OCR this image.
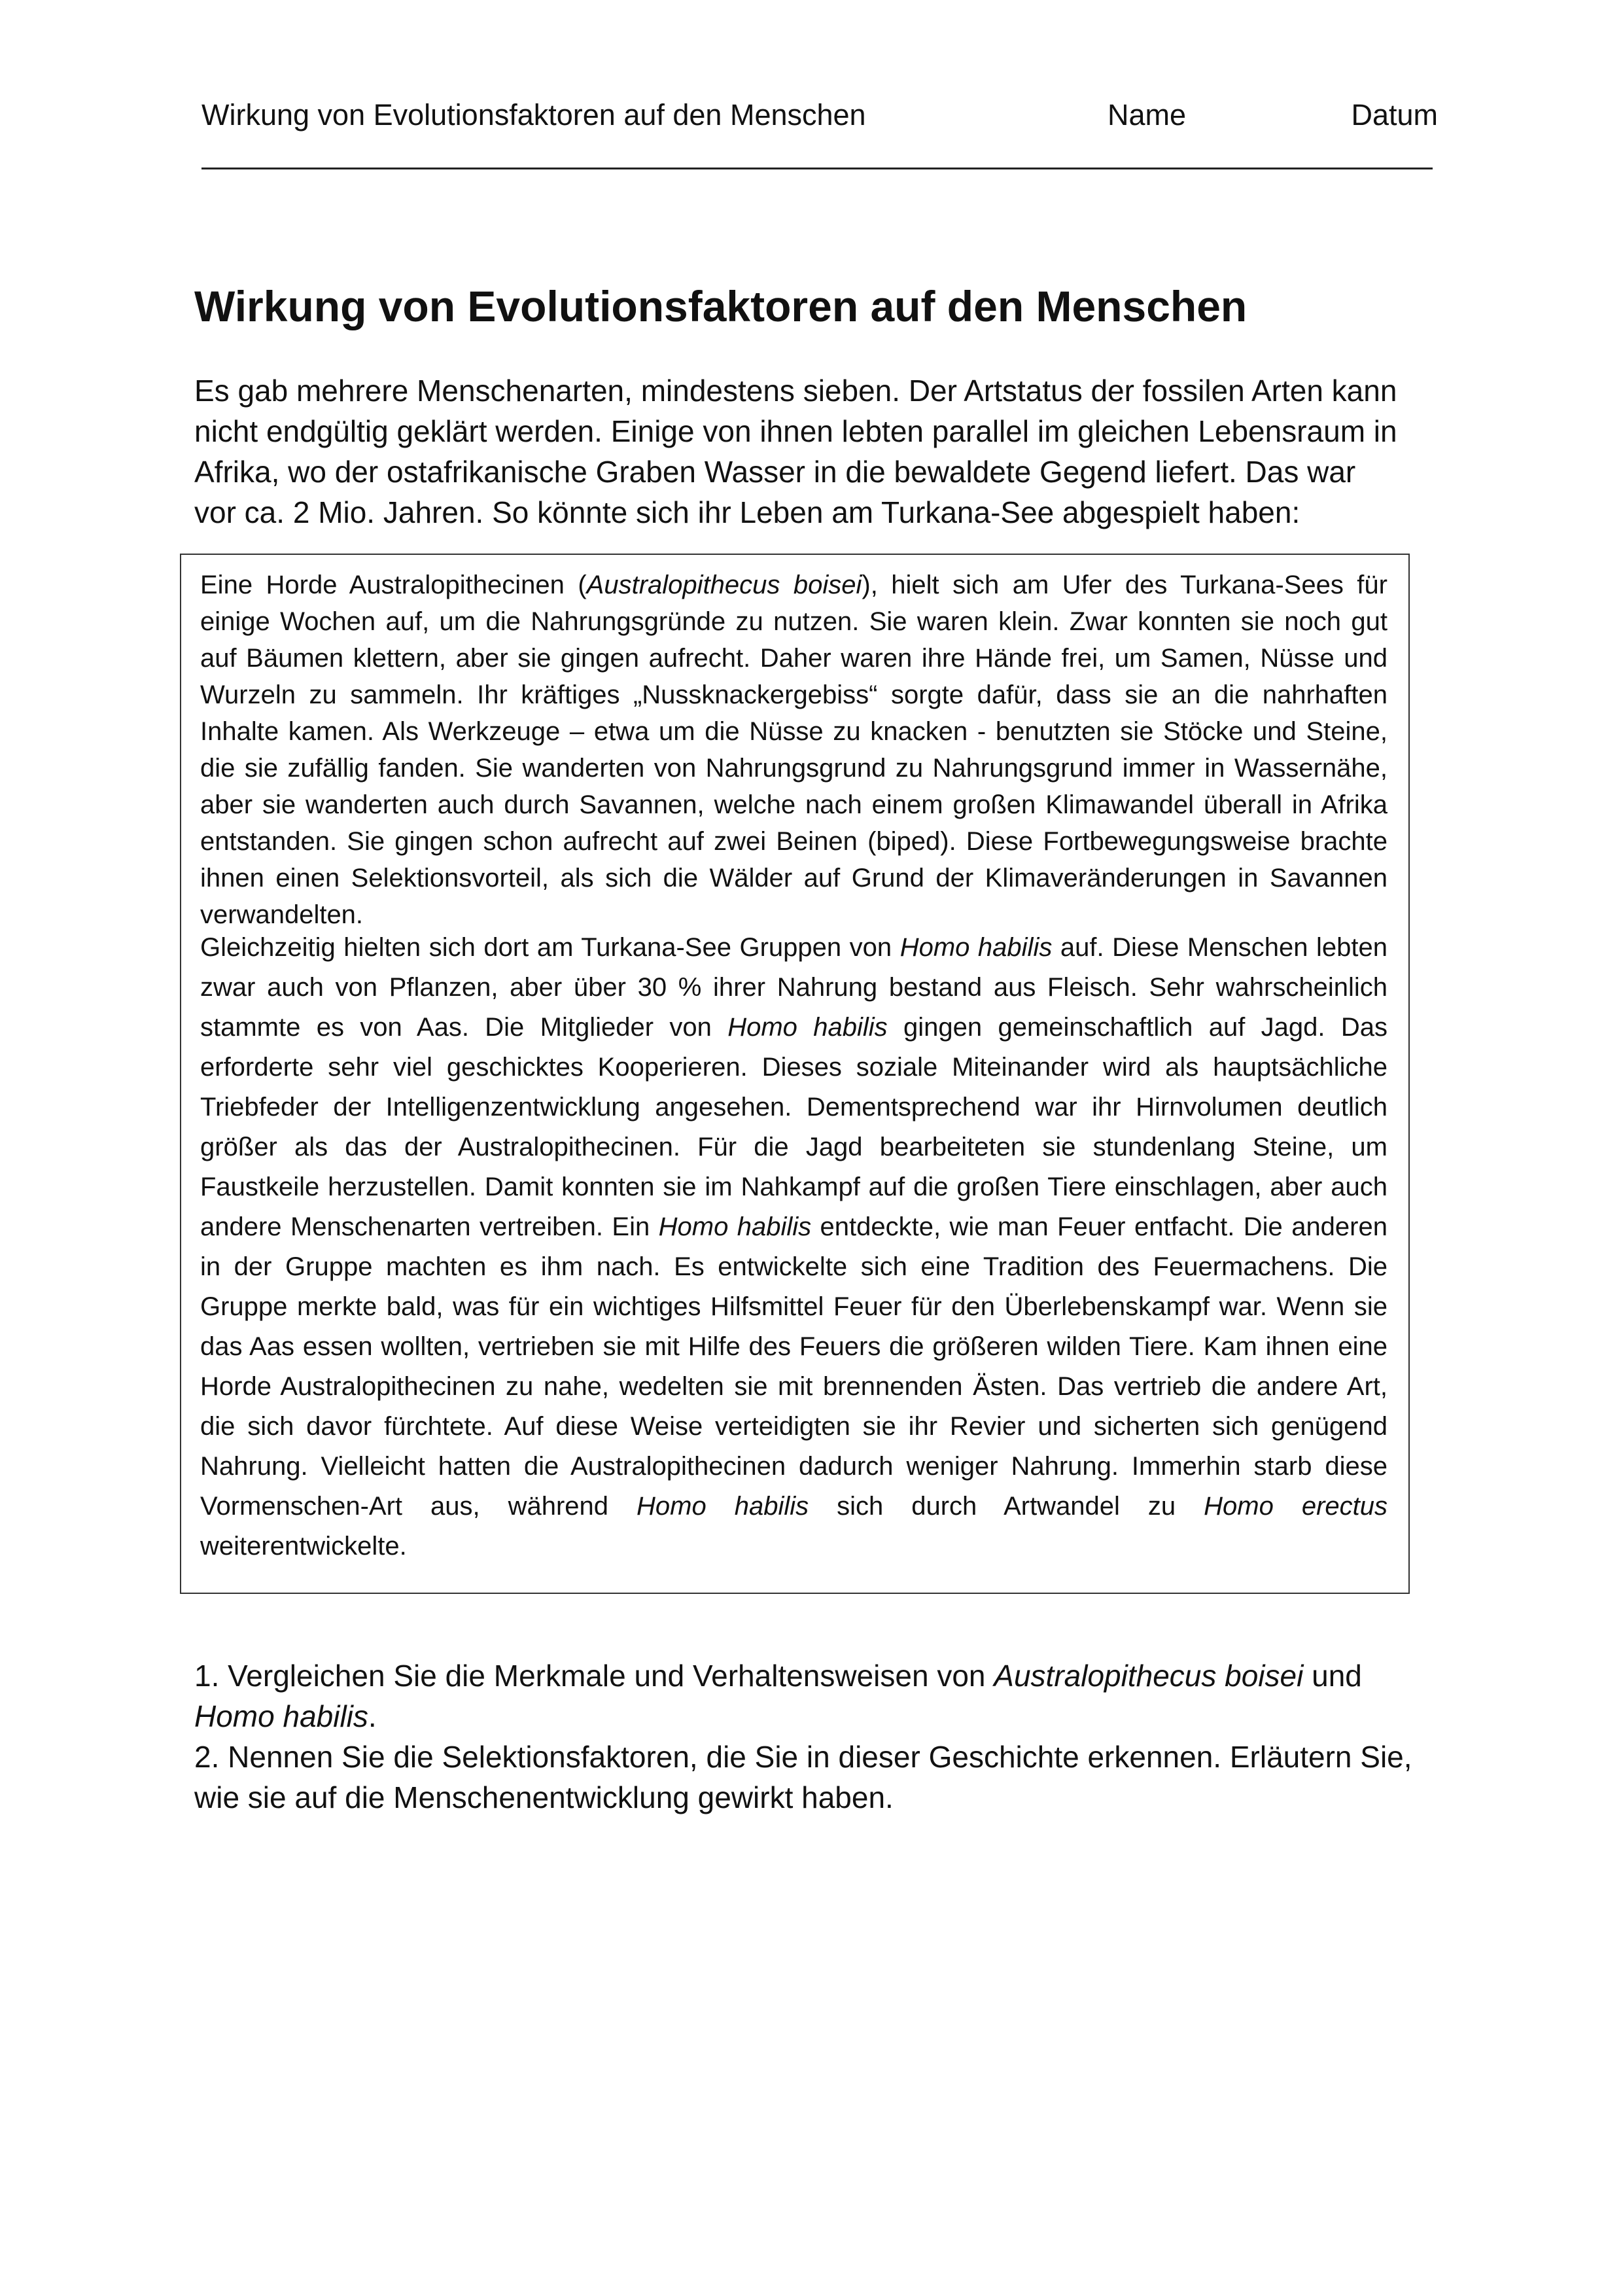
Wirkung von Evolutionsfaktoren auf den Menschen	Name	Datum
Wirkung von Evolutionsfaktoren auf den Menschen

Es gab mehrere Menschenarten, mindestens sieben. Der Artstatus der fossilen Arten kann nicht endgültig geklärt werden. Einige von ihnen lebten parallel im gleichen Lebensraum in Afrika, wo der ostafrikanische Graben Wasser in die bewaldete Gegend liefert. Das war vor ca. 2 Mio. Jahren. So könnte sich ihr Leben am Turkana-See abgespielt haben:

Eine Horde Australopithecinen (Australopithecus boisei), hielt sich am Ufer des Turkana-Sees für einige Wochen auf, um die Nahrungsgründe zu nutzen. Sie waren klein. Zwar konnten sie noch gut auf Bäumen klettern, aber sie gingen aufrecht. Daher waren ihre Hände frei, um Samen, Nüsse und Wurzeln zu sammeln. Ihr kräftiges „Nussknackergebiss“ sorgte dafür, dass sie an die nahrhaften Inhalte kamen. Als Werkzeuge – etwa um die Nüsse zu knacken - benutzten sie Stöcke und Steine, die sie zufällig fanden. Sie wanderten von Nahrungsgrund zu Nahrungsgrund immer in Wassernähe, aber sie wanderten auch durch Savannen, welche nach einem großen Klimawandel überall in Afrika entstanden. Sie gingen schon aufrecht auf zwei Beinen (biped). Diese Fortbewegungsweise brachte ihnen einen Selektionsvorteil, als sich die Wälder auf Grund der Klimaveränderungen in Savannen verwandelten.

Gleichzeitig hielten sich dort am Turkana-See Gruppen von Homo habilis auf. Diese Menschen lebten zwar auch von Pflanzen, aber über 30 % ihrer Nahrung bestand aus Fleisch. Sehr wahrscheinlich stammte es von Aas. Die Mitglieder von Homo habilis gingen gemeinschaftlich auf Jagd. Das erforderte sehr viel geschicktes Kooperieren. Dieses soziale Miteinander wird als hauptsächliche Triebfeder der Intelligenzentwicklung angesehen. Dementsprechend war ihr Hirnvolumen deutlich größer als das der Australopithecinen. Für die Jagd bearbeiteten sie stundenlang Steine, um Faustkeile herzustellen. Damit konnten sie im Nahkampf auf die großen Tiere einschlagen, aber auch andere Menschenarten vertreiben. Ein Homo habilis entdeckte, wie man Feuer entfacht. Die anderen in der Gruppe machten es ihm nach. Es entwickelte sich eine Tradition des Feuermachens. Die Gruppe merkte bald, was für ein wichtiges Hilfsmittel Feuer für den Überlebenskampf war. Wenn sie das Aas essen wollten, vertrieben sie mit Hilfe des Feuers die größeren wilden Tiere. Kam ihnen eine Horde Australopithecinen zu nahe, wedelten sie mit brennenden Ästen. Das vertrieb die andere Art, die sich davor fürchtete. Auf diese Weise verteidigten sie ihr Revier und sicherten sich genügend Nahrung. Vielleicht hatten die Australopithecinen dadurch weniger Nahrung. Immerhin starb diese Vormenschen-Art aus, während Homo habilis sich durch Artwandel zu Homo erectus weiterentwickelte.

1. Vergleichen Sie die Merkmale und Verhaltensweisen von Australopithecus boisei und Homo habilis.

2. Nennen Sie die Selektionsfaktoren, die Sie in dieser Geschichte erkennen. Erläutern Sie, wie sie auf die Menschenentwicklung gewirkt haben.
